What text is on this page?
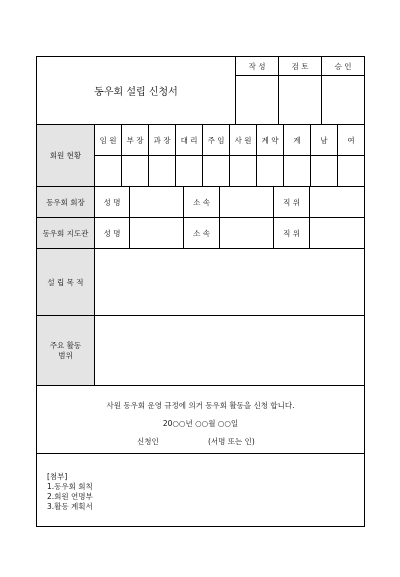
동우회 설립 신청서
작 성	검 토	승 인
회원 현황
임 원	부 장	과 장	대 리	주 임	사 원	계 약	계	남	여
동우회 회장	성 명	소 속	직 위
동우회 지도관	성 명	소 속	직 위
설 립 목 적
주요 활동
범위
사원 동우회 운영 규정에 의거 동우회 활동을 신청 합니다.
20○○년 ○○월 ○○일
신청인	(서명 또는 인)
[첨부]
1.동우회 회칙
2.회원 연명부
3.활동 계획서
